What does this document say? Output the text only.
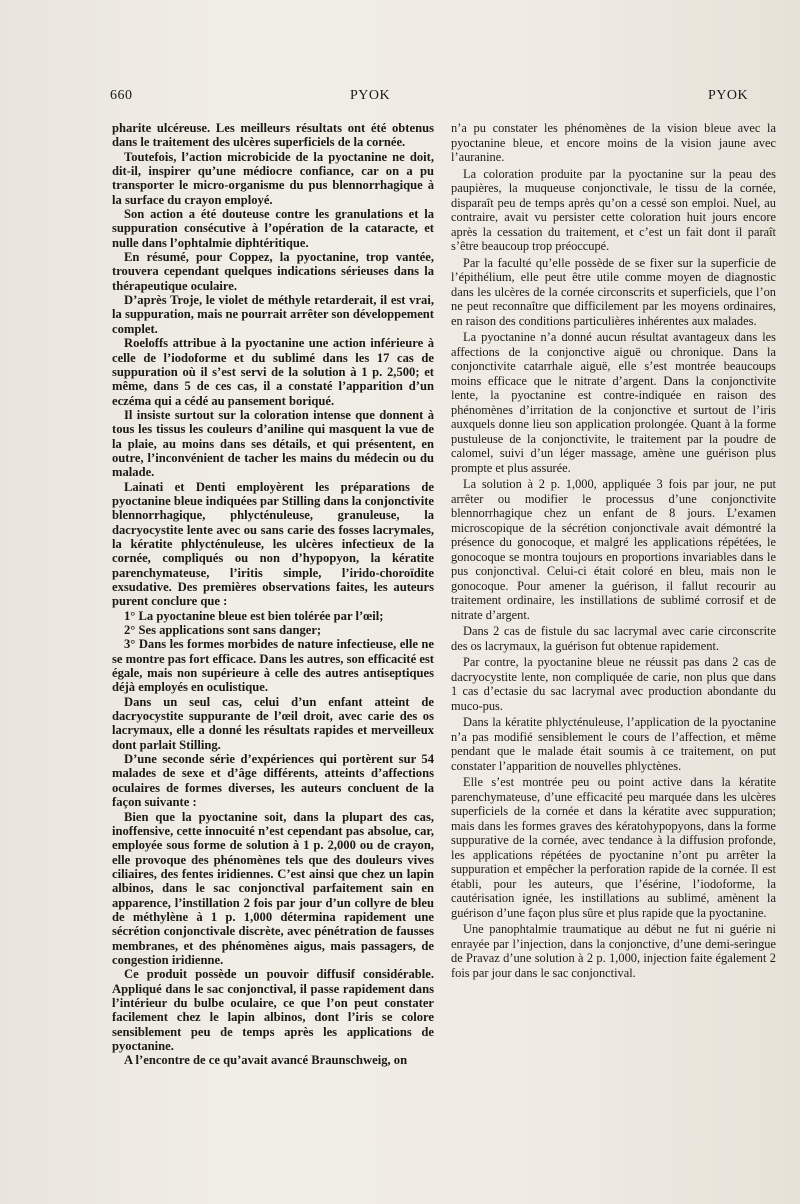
660	PYOK	PYOK

pharite ulcéreuse. Les meilleurs résultats ont été obtenus dans le traitement des ulcères superficiels de la cornée.

Toutefois, l’action microbicide de la pyoctanine ne doit, dit-il, inspirer qu’une médiocre confiance, car on a pu transporter le micro-organisme du pus blennorrhagique à la surface du crayon employé.

Son action a été douteuse contre les granulations et la suppuration consécutive à l’opération de la cataracte, et nulle dans l’ophtalmie diphtéritique.

En résumé, pour Coppez, la pyoctanine, trop vantée, trouvera cependant quelques indications sérieuses dans la thérapeutique oculaire.

D’après Troje, le violet de méthyle retarderait, il est vrai, la suppuration, mais ne pourrait arrêter son développement complet.

Roeloffs attribue à la pyoctanine une action inférieure à celle de l’iodoforme et du sublimé dans les 17 cas de suppuration où il s’est servi de la solution à 1 p. 2,500; et même, dans 5 de ces cas, il a constaté l’apparition d’un eczéma qui a cédé au pansement boriqué.

Il insiste surtout sur la coloration intense que donnent à tous les tissus les couleurs d’aniline qui masquent la vue de la plaie, au moins dans ses détails, et qui présentent, en outre, l’inconvénient de tacher les mains du médecin ou du malade.

Lainati et Denti employèrent les préparations de pyoctanine bleue indiquées par Stilling dans la conjonctivite blennorrhagique, phlycténuleuse, granuleuse, la dacryocystite lente avec ou sans carie des fosses lacrymales, la kératite phlycténuleuse, les ulcères infectieux de la cornée, compliqués ou non d’hypopyon, la kératite parenchymateuse, l’iritis simple, l’irido-choroïdite exsudative. Des premières observations faites, les auteurs purent conclure que :

1° La pyoctanine bleue est bien tolérée par l’œil;

2° Ses applications sont sans danger;

3° Dans les formes morbides de nature infectieuse, elle ne se montre pas fort efficace. Dans les autres, son efficacité est égale, mais non supérieure à celle des autres antiseptiques déjà employés en oculistique.

Dans un seul cas, celui d’un enfant atteint de dacryocystite suppurante de l’œil droit, avec carie des os lacrymaux, elle a donné les résultats rapides et merveilleux dont parlait Stilling.

D’une seconde série d’expériences qui portèrent sur 54 malades de sexe et d’âge différents, atteints d’affections oculaires de formes diverses, les auteurs concluent de la façon suivante :

Bien que la pyoctanine soit, dans la plupart des cas, inoffensive, cette innocuité n’est cependant pas absolue, car, employée sous forme de solution à 1 p. 2,000 ou de crayon, elle provoque des phénomènes tels que des douleurs vives ciliaires, des fentes iridiennes. C’est ainsi que chez un lapin albinos, dans le sac conjonctival parfaitement sain en apparence, l’instillation 2 fois par jour d’un collyre de bleu de méthylène à 1 p. 1,000 détermina rapidement une sécrétion conjonctivale discrète, avec pénétration de fausses membranes, et des phénomènes aigus, mais passagers, de congestion iridienne.

Ce produit possède un pouvoir diffusif considérable. Appliqué dans le sac conjonctival, il passe rapidement dans l’intérieur du bulbe oculaire, ce que l’on peut constater facilement chez le lapin albinos, dont l’iris se colore sensiblement peu de temps après les applications de pyoctanine.

A l’encontre de ce qu’avait avancé Braunschweig, on

n’a pu constater les phénomènes de la vision bleue avec la pyoctanine bleue, et encore moins de la vision jaune avec l’auranine.

La coloration produite par la pyoctanine sur la peau des paupières, la muqueuse conjonctivale, le tissu de la cornée, disparaît peu de temps après qu’on a cessé son emploi. Nuel, au contraire, avait vu persister cette coloration huit jours encore après la cessation du traitement, et c’est un fait dont il paraît s’être beaucoup trop préoccupé.

Par la faculté qu’elle possède de se fixer sur la superficie de l’épithélium, elle peut être utile comme moyen de diagnostic dans les ulcères de la cornée circonscrits et superficiels, que l’on ne peut reconnaître que difficilement par les moyens ordinaires, en raison des conditions particulières inhérentes aux malades.

La pyoctanine n’a donné aucun résultat avantageux dans les affections de la conjonctive aiguë ou chronique. Dans la conjonctivite catarrhale aiguë, elle s’est montrée beaucoups moins efficace que le nitrate d’argent. Dans la conjonctivite lente, la pyoctanine est contre-indiquée en raison des phénomènes d’irritation de la conjonctive et surtout de l’iris auxquels donne lieu son application prolongée. Quant à la forme pustuleuse de la conjonctivite, le traitement par la poudre de calomel, suivi d’un léger massage, amène une guérison plus prompte et plus assurée.

La solution à 2 p. 1,000, appliquée 3 fois par jour, ne put arrêter ou modifier le processus d’une conjonctivite blennorrhagique chez un enfant de 8 jours. L’examen microscopique de la sécrétion conjonctivale avait démontré la présence du gonocoque, et malgré les applications répétées, le gonocoque se montra toujours en proportions invariables dans le pus conjonctival. Celui-ci était coloré en bleu, mais non le gonocoque. Pour amener la guérison, il fallut recourir au traitement ordinaire, les instillations de sublimé corrosif et de nitrate d’argent.

Dans 2 cas de fistule du sac lacrymal avec carie circonscrite des os lacrymaux, la guérison fut obtenue rapidement.

Par contre, la pyoctanine bleue ne réussit pas dans 2 cas de dacryocystite lente, non compliquée de carie, non plus que dans 1 cas d’ectasie du sac lacrymal avec production abondante du muco-pus.

Dans la kératite phlycténuleuse, l’application de la pyoctanine n’a pas modifié sensiblement le cours de l’affection, et même pendant que le malade était soumis à ce traitement, on put constater l’apparition de nouvelles phlyctènes.

Elle s’est montrée peu ou point active dans la kératite parenchymateuse, d’une efficacité peu marquée dans les ulcères superficiels de la cornée et dans la kératite avec suppuration; mais dans les formes graves des kératohypopyons, dans la forme suppurative de la cornée, avec tendance à la diffusion profonde, les applications répétées de pyoctanine n’ont pu arrêter la suppuration et empêcher la perforation rapide de la cornée. Il est établi, pour les auteurs, que l’ésérine, l’iodoforme, la cautérisation ignée, les instillations au sublimé, amènent la guérison d’une façon plus sûre et plus rapide que la pyoctanine.

Une panophtalmie traumatique au début ne fut ni guérie ni enrayée par l’injection, dans la conjonctive, d’une demi-seringue de Pravaz d’une solution à 2 p. 1,000, injection faite également 2 fois par jour dans le sac conjonctival.
